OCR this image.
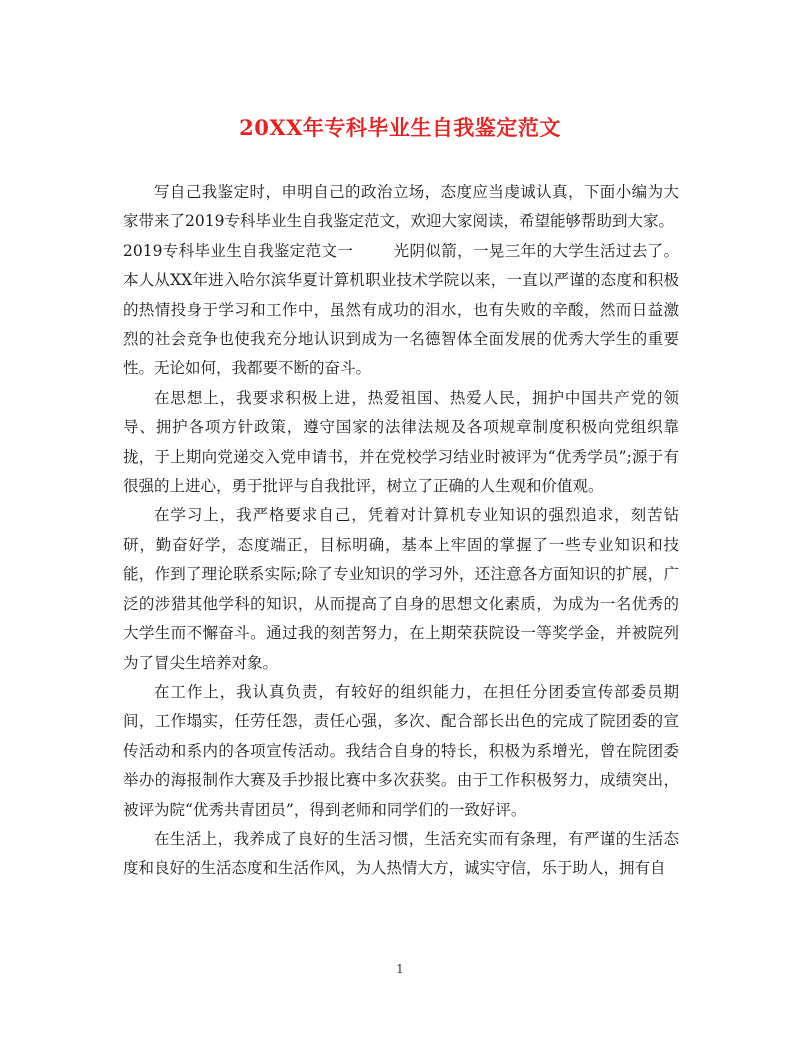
20XX年专科毕业生自我鉴定范文

写自己我鉴定时，申明自己的政治立场，态度应当虔诚认真，下面小编为大家带来了2019专科毕业生自我鉴定范文，欢迎大家阅读，希望能够帮助到大家。

2019专科毕业生自我鉴定范文一	光阴似箭，一晃三年的大学生活过去了。本人从XX年进入哈尔滨华夏计算机职业技术学院以来，一直以严谨的态度和积极的热情投身于学习和工作中，虽然有成功的泪水，也有失败的辛酸，然而日益激烈的社会竞争也使我充分地认识到成为一名德智体全面发展的优秀大学生的重要性。无论如何，我都要不断的奋斗。

在思想上，我要求积极上进，热爱祖国、热爱人民，拥护中国共产党的领导、拥护各项方针政策，遵守国家的法律法规及各项规章制度积极向党组织靠拢，于上期向党递交入党申请书，并在党校学习结业时被评为“优秀学员”;源于有很强的上进心，勇于批评与自我批评，树立了正确的人生观和价值观。

在学习上，我严格要求自己，凭着对计算机专业知识的强烈追求，刻苦钻研，勤奋好学，态度端正，目标明确，基本上牢固的掌握了一些专业知识和技能，作到了理论联系实际;除了专业知识的学习外，还注意各方面知识的扩展，广泛的涉猎其他学科的知识，从而提高了自身的思想文化素质，为成为一名优秀的大学生而不懈奋斗。通过我的刻苦努力，在上期荣获院设一等奖学金，并被院列为了冒尖生培养对象。

在工作上，我认真负责，有较好的组织能力，在担任分团委宣传部委员期间，工作塌实，任劳任怨，责任心强，多次、配合部长出色的完成了院团委的宣传活动和系内的各项宣传活动。我结合自身的特长，积极为系增光，曾在院团委举办的海报制作大赛及手抄报比赛中多次获奖。由于工作积极努力，成绩突出，被评为院“优秀共青团员”，得到老师和同学们的一致好评。

在生活上，我养成了良好的生活习惯，生活充实而有条理，有严谨的生活态度和良好的生活态度和生活作风，为人热情大方，诚实守信，乐于助人，拥有自

1
